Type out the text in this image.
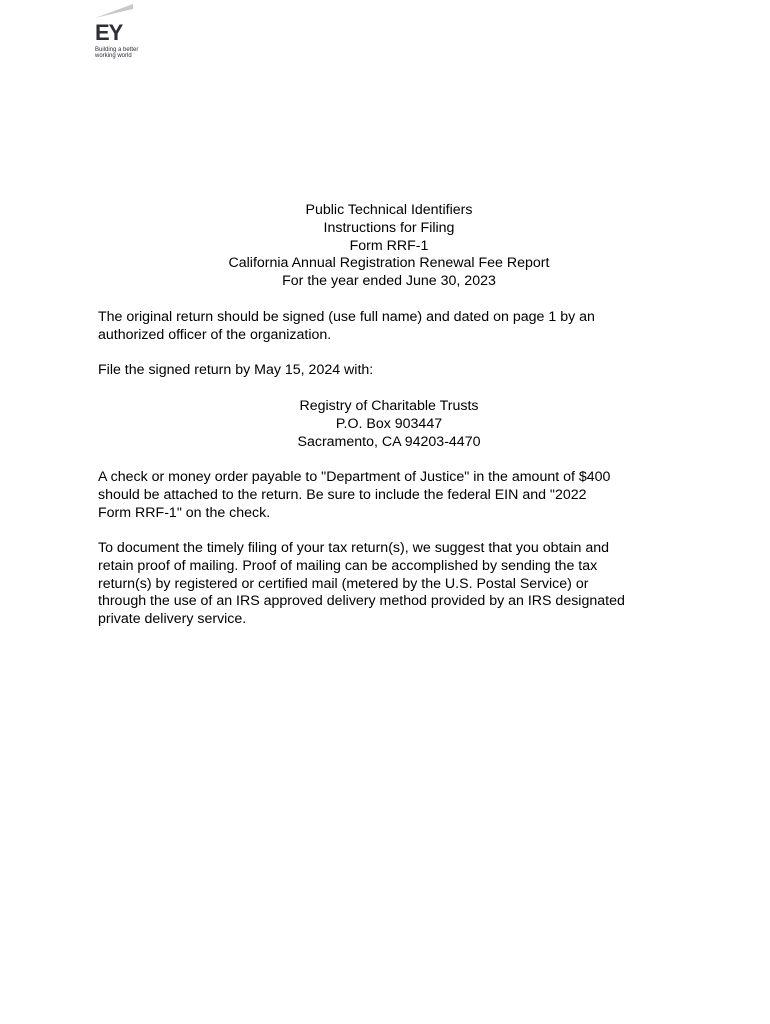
EY
Building a better
working world
Public Technical Identifiers
Instructions for Filing
Form RRF-1
California Annual Registration Renewal Fee Report
For the year ended June 30, 2023
The original return should be signed (use full name) and dated on page 1 by an
authorized officer of the organization.
File the signed return by May 15, 2024 with:
Registry of Charitable Trusts
P.O. Box 903447
Sacramento, CA 94203-4470
A check or money order payable to "Department of Justice" in the amount of $400
should be attached to the return. Be sure to include the federal EIN and "2022
Form RRF-1" on the check.
To document the timely filing of your tax return(s), we suggest that you obtain and
retain proof of mailing. Proof of mailing can be accomplished by sending the tax
return(s) by registered or certified mail (metered by the U.S. Postal Service) or
through the use of an IRS approved delivery method provided by an IRS designated
private delivery service.
